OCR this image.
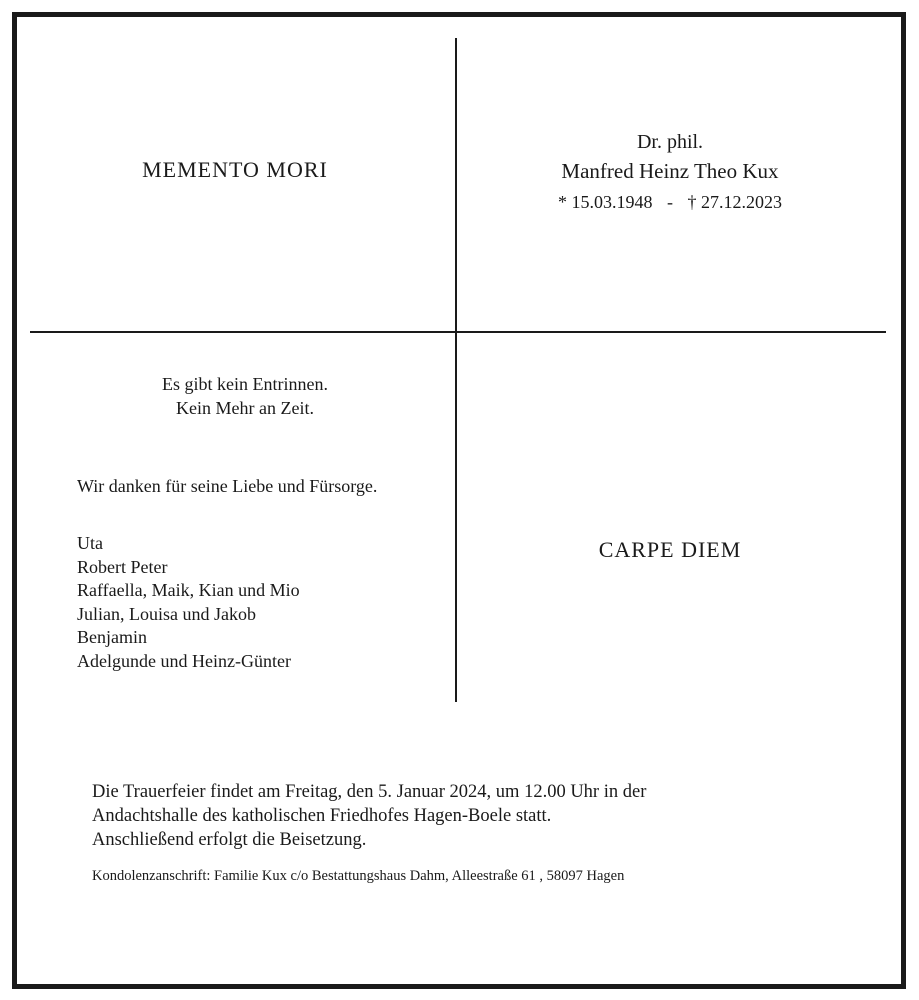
MEMENTO MORI
Dr. phil.
Manfred Heinz Theo Kux
* 15.03.1948 - † 27.12.2023
Es gibt kein Entrinnen.
Kein Mehr an Zeit.
Wir danken für seine Liebe und Fürsorge.
Uta
Robert Peter
Raffaella, Maik, Kian und Mio
Julian, Louisa und Jakob
Benjamin
Adelgunde und Heinz-Günter
CARPE DIEM
Die Trauerfeier findet am Freitag, den 5. Januar 2024, um 12.00 Uhr in der
Andachtshalle des katholischen Friedhofes Hagen-Boele statt.
Anschließend erfolgt die Beisetzung.
Kondolenzanschrift: Familie Kux c/o Bestattungshaus Dahm, Alleestraße 61 , 58097 Hagen
